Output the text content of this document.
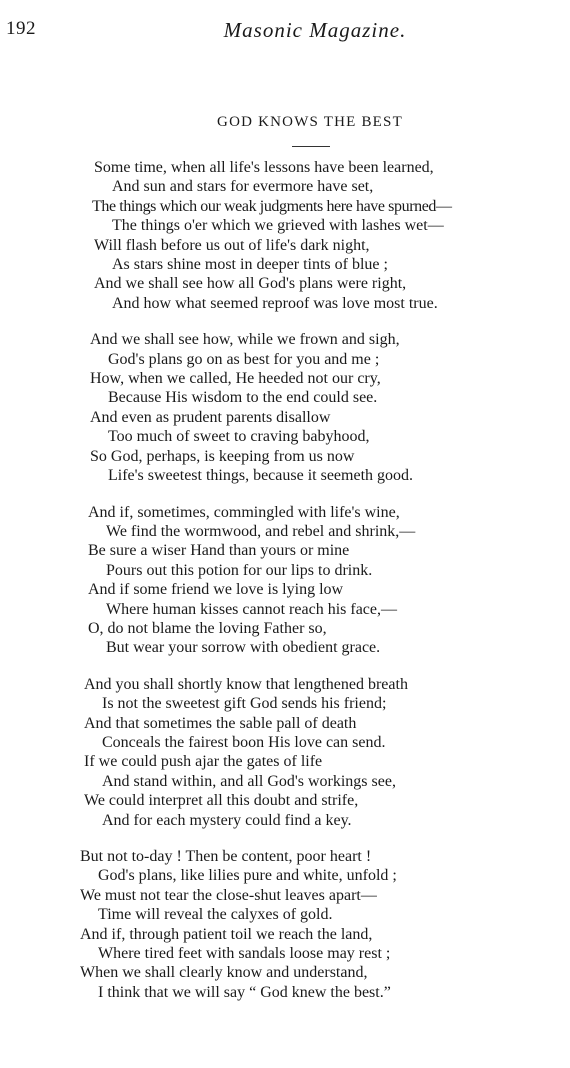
192	Masonic Magazine.
GOD KNOWS THE BEST
Some time, when all life's lessons have been learned,
And sun and stars for evermore have set,
The things which our weak judgments here have spurned—
The things o'er which we grieved with lashes wet—
Will flash before us out of life's dark night,
As stars shine most in deeper tints of blue ;
And we shall see how all God's plans were right,
And how what seemed reproof was love most true.
And we shall see how, while we frown and sigh,
God's plans go on as best for you and me ;
How, when we called, He heeded not our cry,
Because His wisdom to the end could see.
And even as prudent parents disallow
Too much of sweet to craving babyhood,
So God, perhaps, is keeping from us now
Life's sweetest things, because it seemeth good.
And if, sometimes, commingled with life's wine,
We find the wormwood, and rebel and shrink,—
Be sure a wiser Hand than yours or mine
Pours out this potion for our lips to drink.
And if some friend we love is lying low
Where human kisses cannot reach his face,—
O, do not blame the loving Father so,
But wear your sorrow with obedient grace.
And you shall shortly know that lengthened breath
Is not the sweetest gift God sends his friend;
And that sometimes the sable pall of death
Conceals the fairest boon His love can send.
If we could push ajar the gates of life
And stand within, and all God's workings see,
We could interpret all this doubt and strife,
And for each mystery could find a key.
But not to-day ! Then be content, poor heart !
God's plans, like lilies pure and white, unfold ;
We must not tear the close-shut leaves apart—
Time will reveal the calyxes of gold.
And if, through patient toil we reach the land,
Where tired feet with sandals loose may rest ;
When we shall clearly know and understand,
I think that we will say “ God knew the best.”
